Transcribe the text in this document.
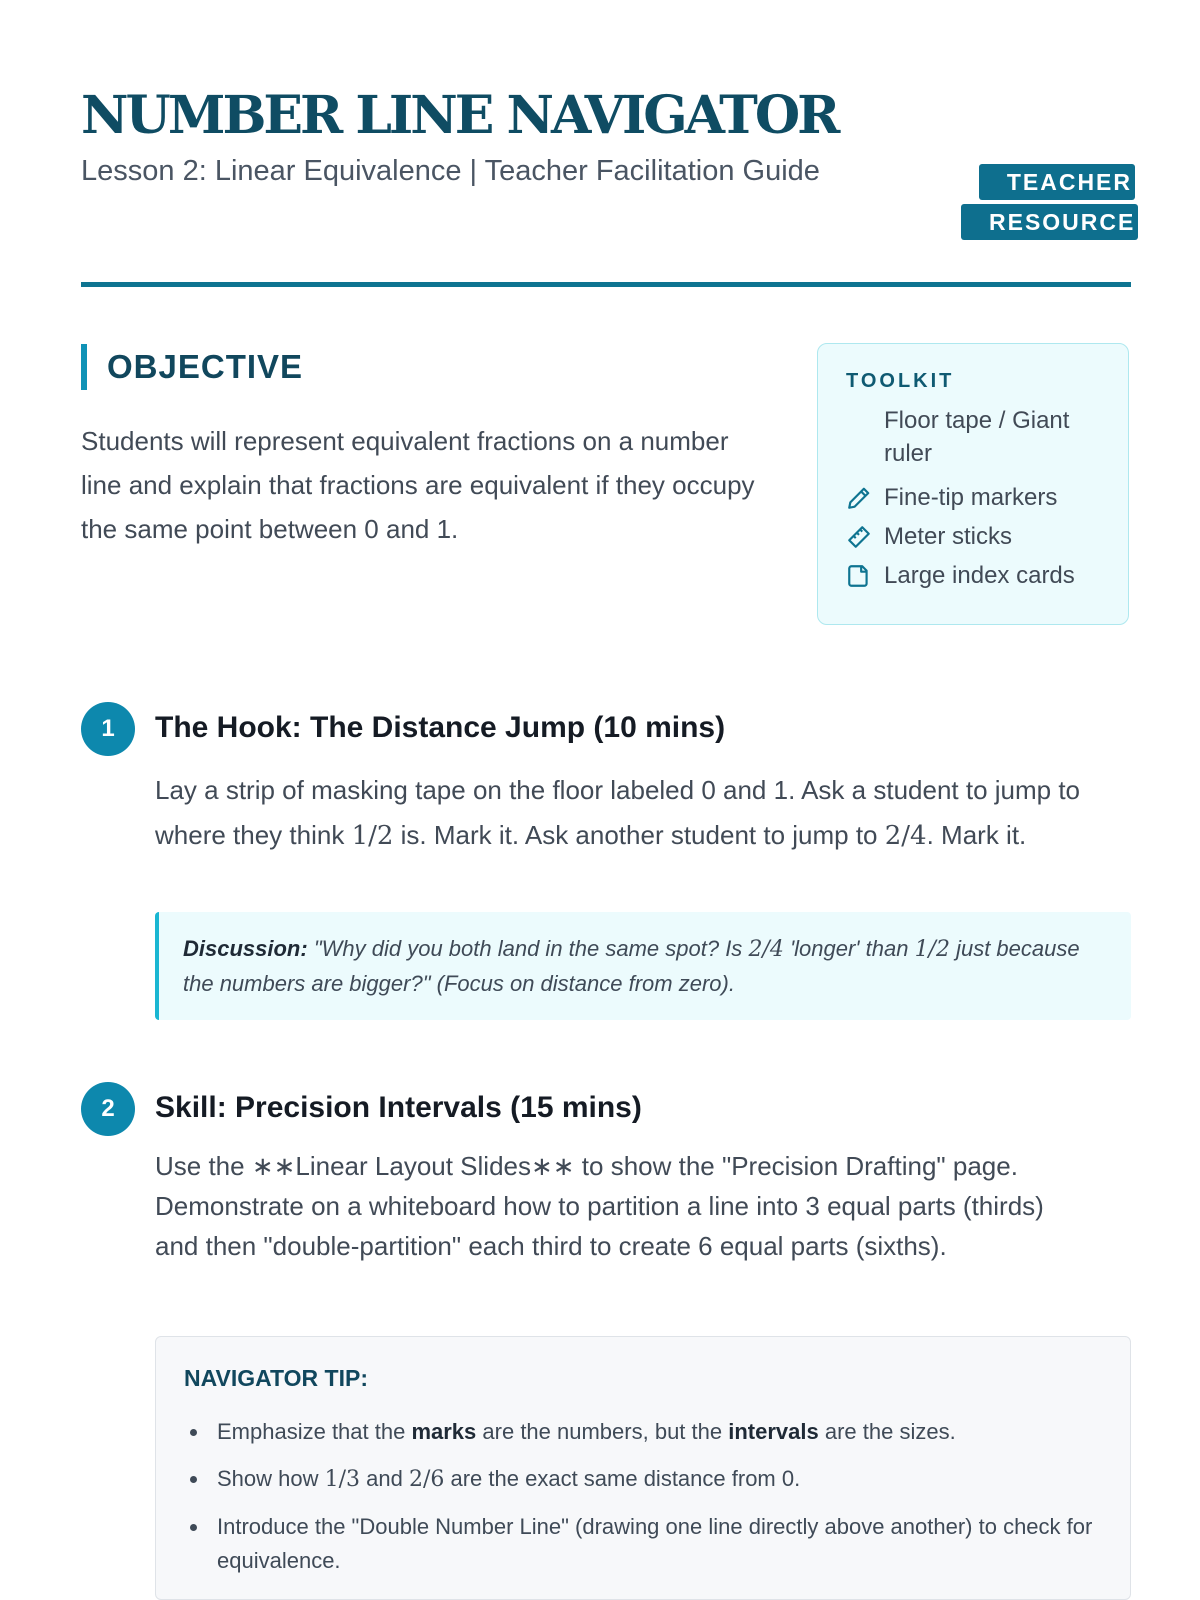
NUMBER LINE NAVIGATOR
Lesson 2: Linear Equivalence | Teacher Facilitation Guide	TEACHER RESOURCE
OBJECTIVE
Students will represent equivalent fractions on a number line and explain that fractions are equivalent if they occupy the same point between 0 and 1.
TOOLKIT
Floor tape / Giant ruler
Fine-tip markers
Meter sticks
Large index cards
1	The Hook: The Distance Jump (10 mins)
Lay a strip of masking tape on the floor labeled 0 and 1. Ask a student to jump to where they think 1/2 is. Mark it. Ask another student to jump to 2/4. Mark it.

Discussion: "Why did you both land in the same spot? Is 2/4 'longer' than 1/2 just because the numbers are bigger?" (Focus on distance from zero).

2	Skill: Precision Intervals (15 mins)
Use the ∗∗Linear Layout Slides∗∗ to show the "Precision Drafting" page. Demonstrate on a whiteboard how to partition a line into 3 equal parts (thirds) and then "double-partition" each third to create 6 equal parts (sixths).
NAVIGATOR TIP:
Emphasize that the marks are the numbers, but the intervals are the sizes.
Show how 1/3 and 2/6 are the exact same distance from 0.
Introduce the "Double Number Line" (drawing one line directly above another) to check for equivalence.
